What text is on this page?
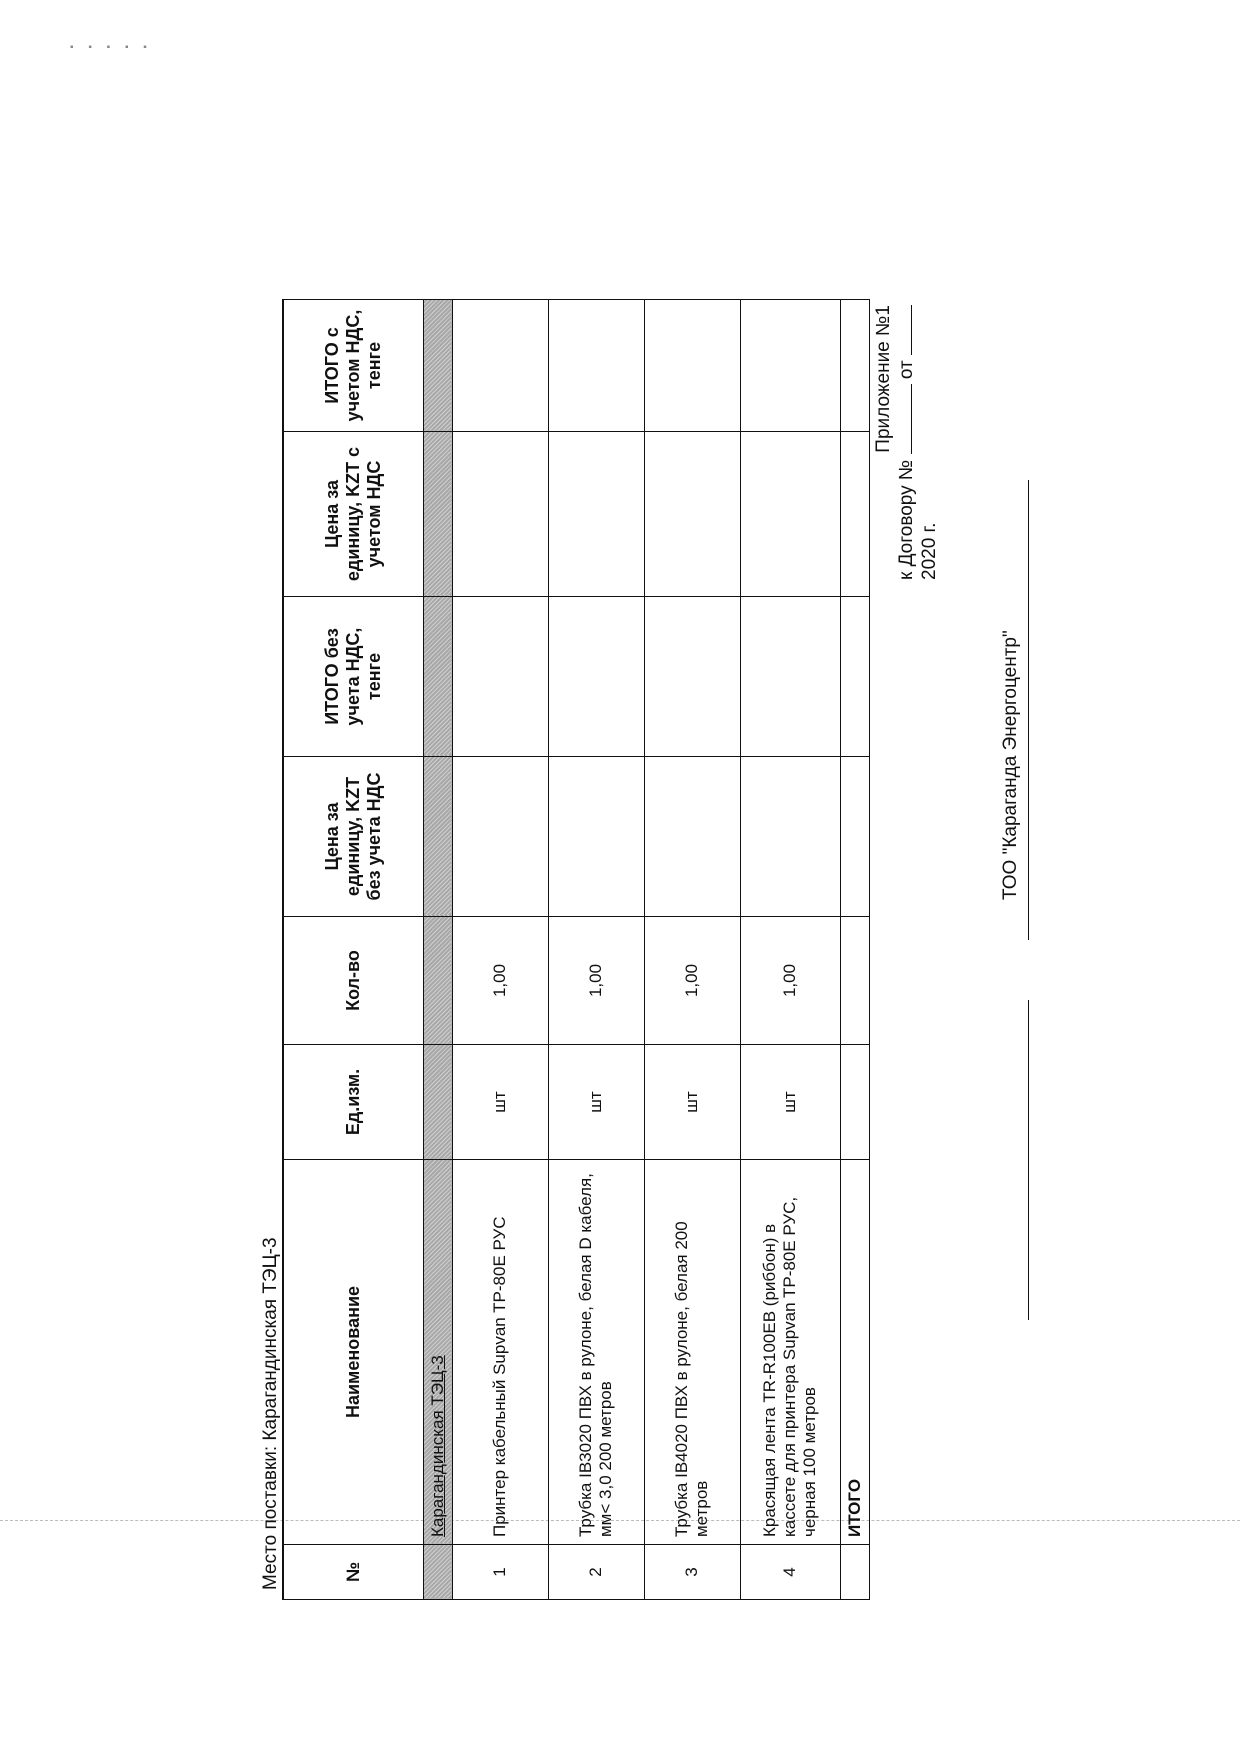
▪ ▪ ▪ ▪ ▪
Место поставки: Карагандинская ТЭЦ-3	№	Наименование	Ед.изм.	Кол-во	Цена за единицу, KZT без учета НДС	ИТОГО без учета НДС, тенге	Цена за единицу, KZT с учетом НДС	ИТОГО с учетом НДС, тенге
	Карагандинская ТЭЦ-3						
1	Принтер кабельный Supvan TP-80E РУС	шт	1,00				
2	Трубка IB3020 ПВХ в рулоне, белая D кабеля, мм< 3,0 200 метров	шт	1,00				
3	Трубка IB4020 ПВХ в рулоне, белая 200 метров	шт	1,00				
4	Красящая лента TR-R100EB (риббон) в кассете для принтера Supvan TP-80E РУС, черная 100 метров	шт	1,00				
	ИТОГО						
Приложение №1
к Договору №  от
2020 г.
ТОО "Караганда Энергоцентр"
